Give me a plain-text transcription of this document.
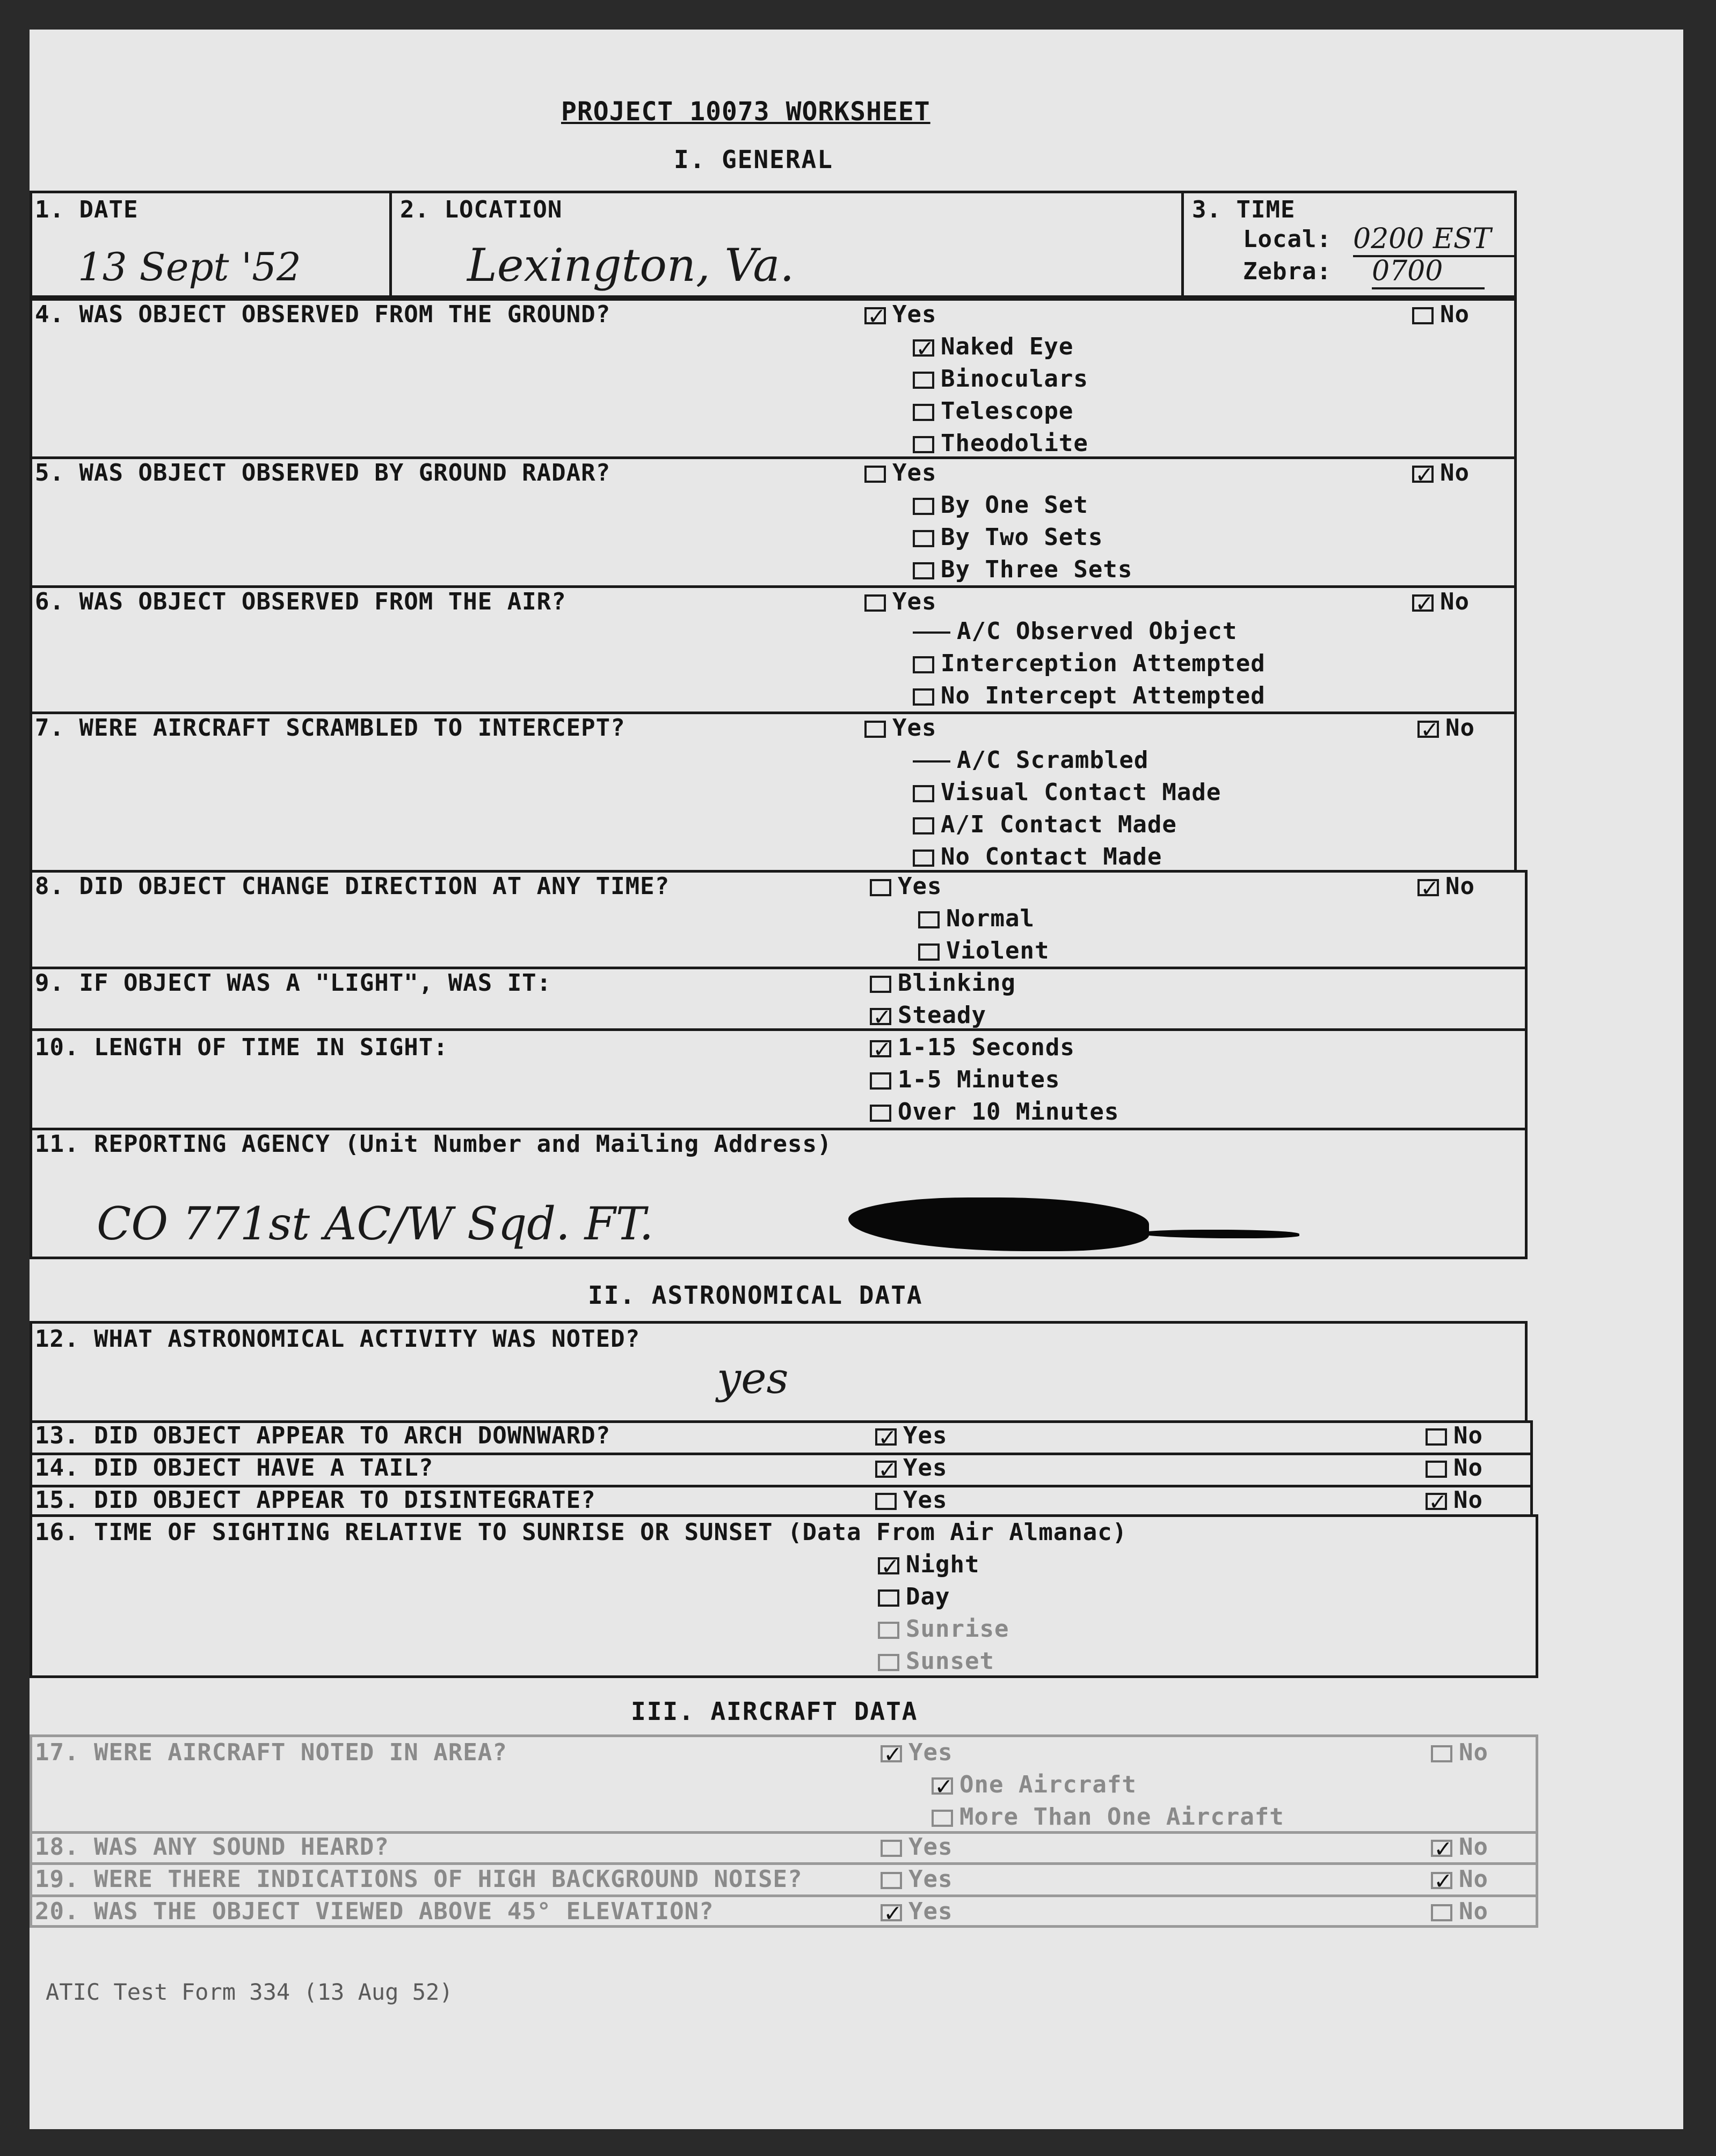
PROJECT 10073 WORKSHEET
I. GENERAL
1. DATE
13 Sept '52
2. LOCATION
Lexington, Va.
3. TIME
Local: 0200 EST
Zebra: 0700
4. WAS OBJECT OBSERVED FROM THE GROUND? ✓	Yes	No
✓Naked Eye
Binoculars
Telescope
Theodolite
5. WAS OBJECT OBSERVED BY GROUND RADAR?	Yes ✓	No
By One Set
By Two Sets
By Three Sets
6. WAS OBJECT OBSERVED FROM THE AIR?	Yes ✓	No
A/C Observed Object
Interception Attempted
No Intercept Attempted
7. WERE AIRCRAFT SCRAMBLED TO INTERCEPT?	Yes ✓	No
A/C Scrambled
Visual Contact Made
A/I Contact Made
No Contact Made
8. DID OBJECT CHANGE DIRECTION AT ANY TIME?	Yes ✓	No
Normal
Violent
9. IF OBJECT WAS A "LIGHT", WAS IT:	Blinking
✓Steady
10. LENGTH OF TIME IN SIGHT: ✓	1-15 Seconds
1-5 Minutes
Over 10 Minutes
11. REPORTING AGENCY (Unit Number and Mailing Address)
CO 771st AC/W Sqd. FT.
II. ASTRONOMICAL DATA
12. WHAT ASTRONOMICAL ACTIVITY WAS NOTED?
yes
13. DID OBJECT APPEAR TO ARCH DOWNWARD? ✓	Yes	No
14. DID OBJECT HAVE A TAIL? ✓	Yes	No
15. DID OBJECT APPEAR TO DISINTEGRATE?	Yes ✓	No
16. TIME OF SIGHTING RELATIVE TO SUNRISE OR SUNSET (Data From Air Almanac)
✓Night
Day
Sunrise
Sunset
III. AIRCRAFT DATA
17. WERE AIRCRAFT NOTED IN AREA? ✓	Yes	No
✓One Aircraft
More Than One Aircraft
18. WAS ANY SOUND HEARD?	Yes ✓	No
19. WERE THERE INDICATIONS OF HIGH BACKGROUND NOISE?	Yes ✓	No
20. WAS THE OBJECT VIEWED ABOVE 45° ELEVATION? ✓	Yes	No
ATIC Test Form 334 (13 Aug 52)
